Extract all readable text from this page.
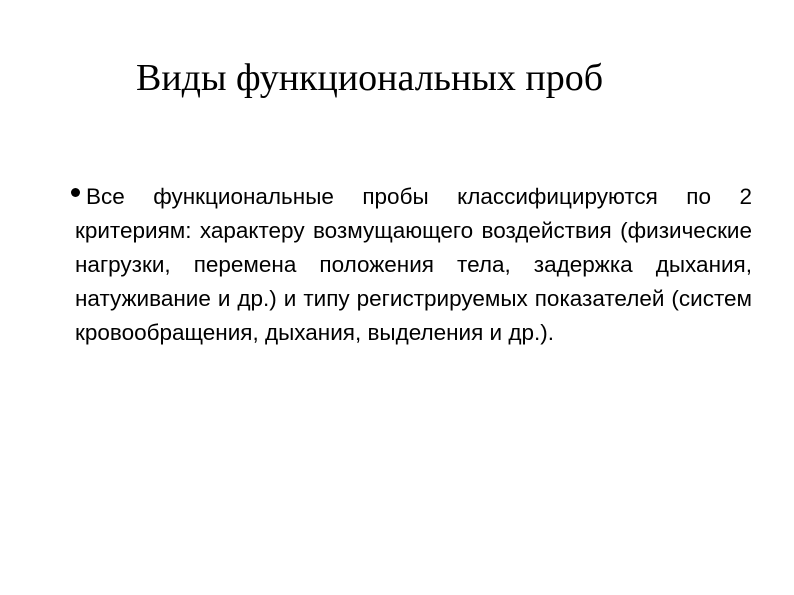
Виды функциональных проб

Все функциональные пробы классифицируются по 2 критериям: характеру возмущающего воздействия (физические нагрузки, перемена положения тела, задержка дыхания, натуживание и др.) и типу регистрируемых показателей (систем кровообращения, дыхания, выделения и др.).
